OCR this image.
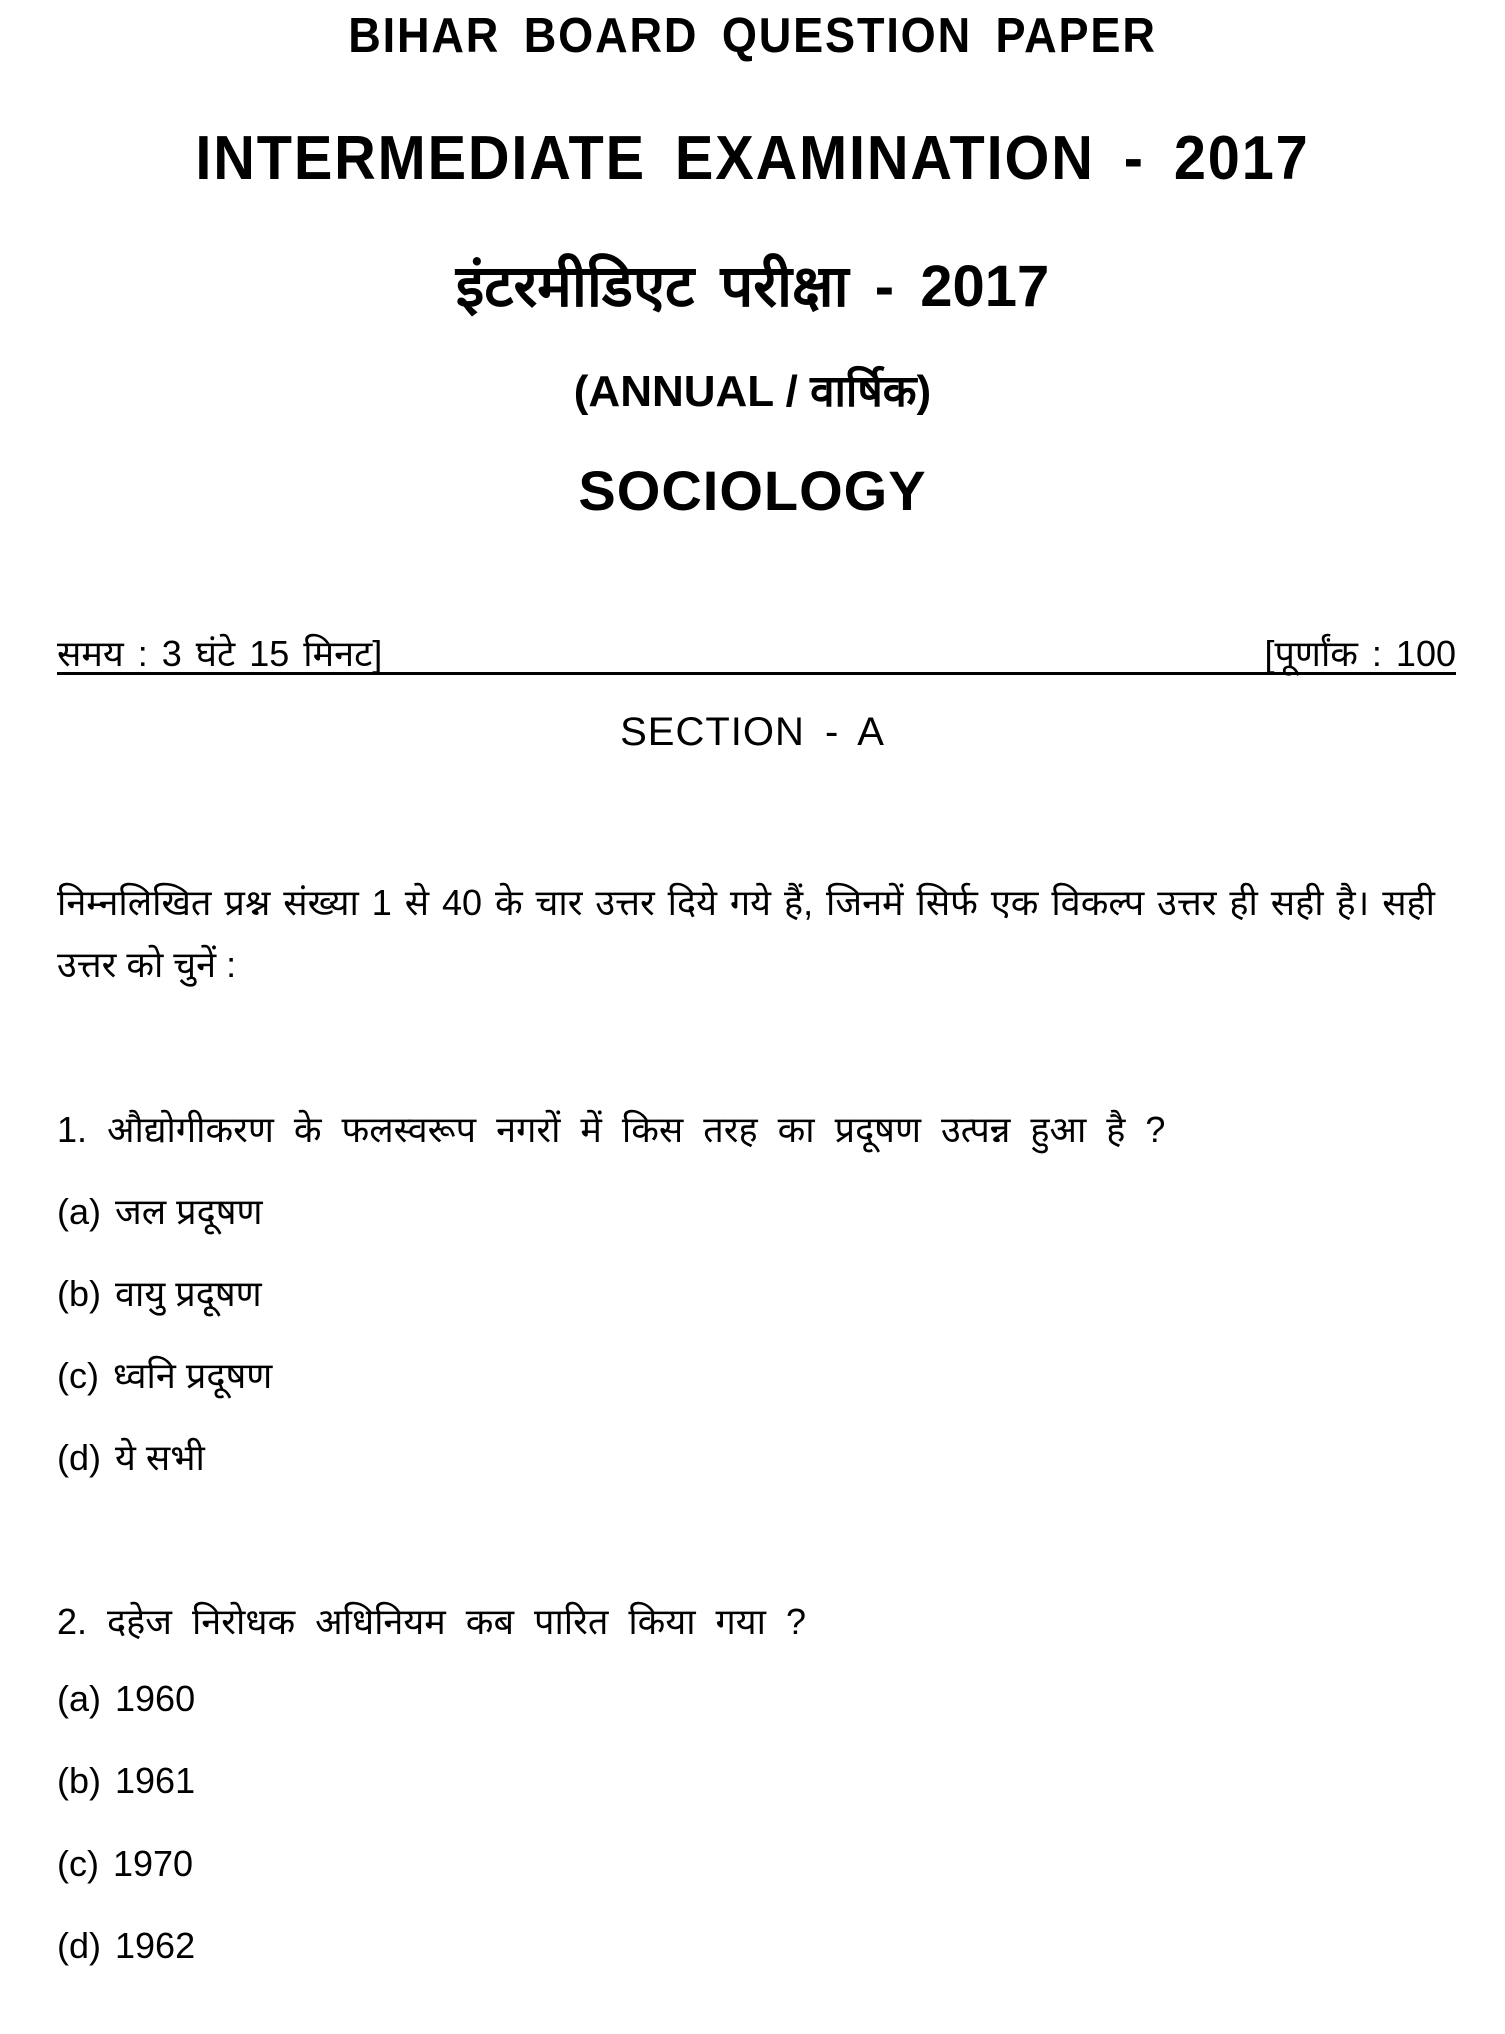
BIHAR BOARD QUESTION PAPER
INTERMEDIATE EXAMINATION - 2017
इंटरमीडिएट परीक्षा - 2017
(ANNUAL / वार्षिक)
SOCIOLOGY
समय : 3 घंटे 15 मिनट]	[पूर्णांक : 100
SECTION - A
निम्नलिखित प्रश्न संख्या 1 से 40 के चार उत्तर दिये गये हैं, जिनमें सिर्फ एक विकल्प उत्तर ही सही है। सही उत्तर को चुनें :
1. औद्योगीकरण के फलस्वरूप नगरों में किस तरह का प्रदूषण उत्पन्न हुआ है ?
(a) जल प्रदूषण
(b) वायु प्रदूषण
(c) ध्वनि प्रदूषण
(d) ये सभी
2. दहेज निरोधक अधिनियम कब पारित किया गया ?
(a) 1960
(b) 1961
(c) 1970
(d) 1962
